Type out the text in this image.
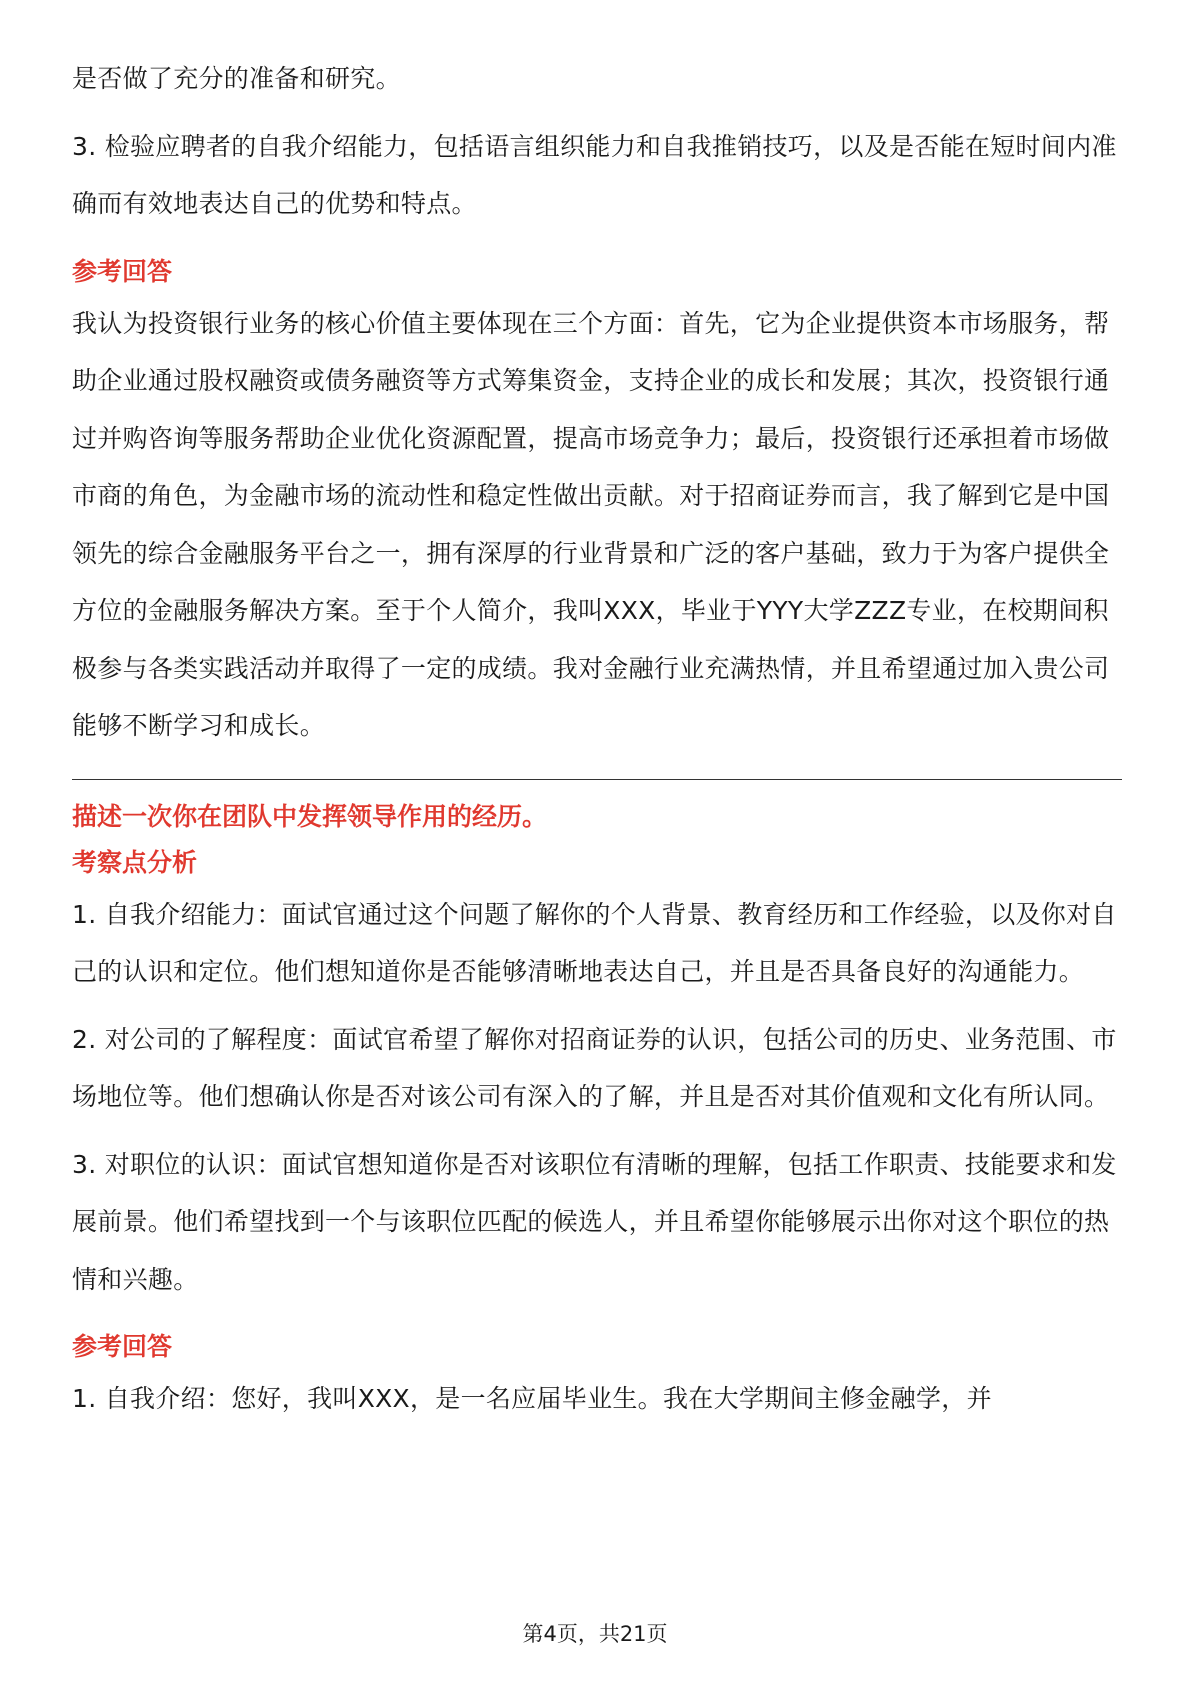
是否做了充分的准备和研究。

3. 检验应聘者的自我介绍能力，包括语言组织能力和自我推销技巧，以及是否能在短时间内准确而有效地表达自己的优势和特点。

参考回答

我认为投资银行业务的核心价值主要体现在三个方面：首先，它为企业提供资本市场服务，帮助企业通过股权融资或债务融资等方式筹集资金，支持企业的成长和发展；其次，投资银行通过并购咨询等服务帮助企业优化资源配置，提高市场竞争力；最后，投资银行还承担着市场做市商的角色，为金融市场的流动性和稳定性做出贡献。对于招商证券而言，我了解到它是中国领先的综合金融服务平台之一，拥有深厚的行业背景和广泛的客户基础，致力于为客户提供全方位的金融服务解决方案。至于个人简介，我叫XXX，毕业于YYY大学ZZZ专业，在校期间积极参与各类实践活动并取得了一定的成绩。我对金融行业充满热情，并且希望通过加入贵公司能够不断学习和成长。

描述一次你在团队中发挥领导作用的经历。
考察点分析

1. 自我介绍能力：面试官通过这个问题了解你的个人背景、教育经历和工作经验，以及你对自己的认识和定位。他们想知道你是否能够清晰地表达自己，并且是否具备良好的沟通能力。

2. 对公司的了解程度：面试官希望了解你对招商证券的认识，包括公司的历史、业务范围、市场地位等。他们想确认你是否对该公司有深入的了解，并且是否对其价值观和文化有所认同。

3. 对职位的认识：面试官想知道你是否对该职位有清晰的理解，包括工作职责、技能要求和发展前景。他们希望找到一个与该职位匹配的候选人，并且希望你能够展示出你对这个职位的热情和兴趣。

参考回答

1. 自我介绍：您好，我叫XXX，是一名应届毕业生。我在大学期间主修金融学，并

第4页，共21页
